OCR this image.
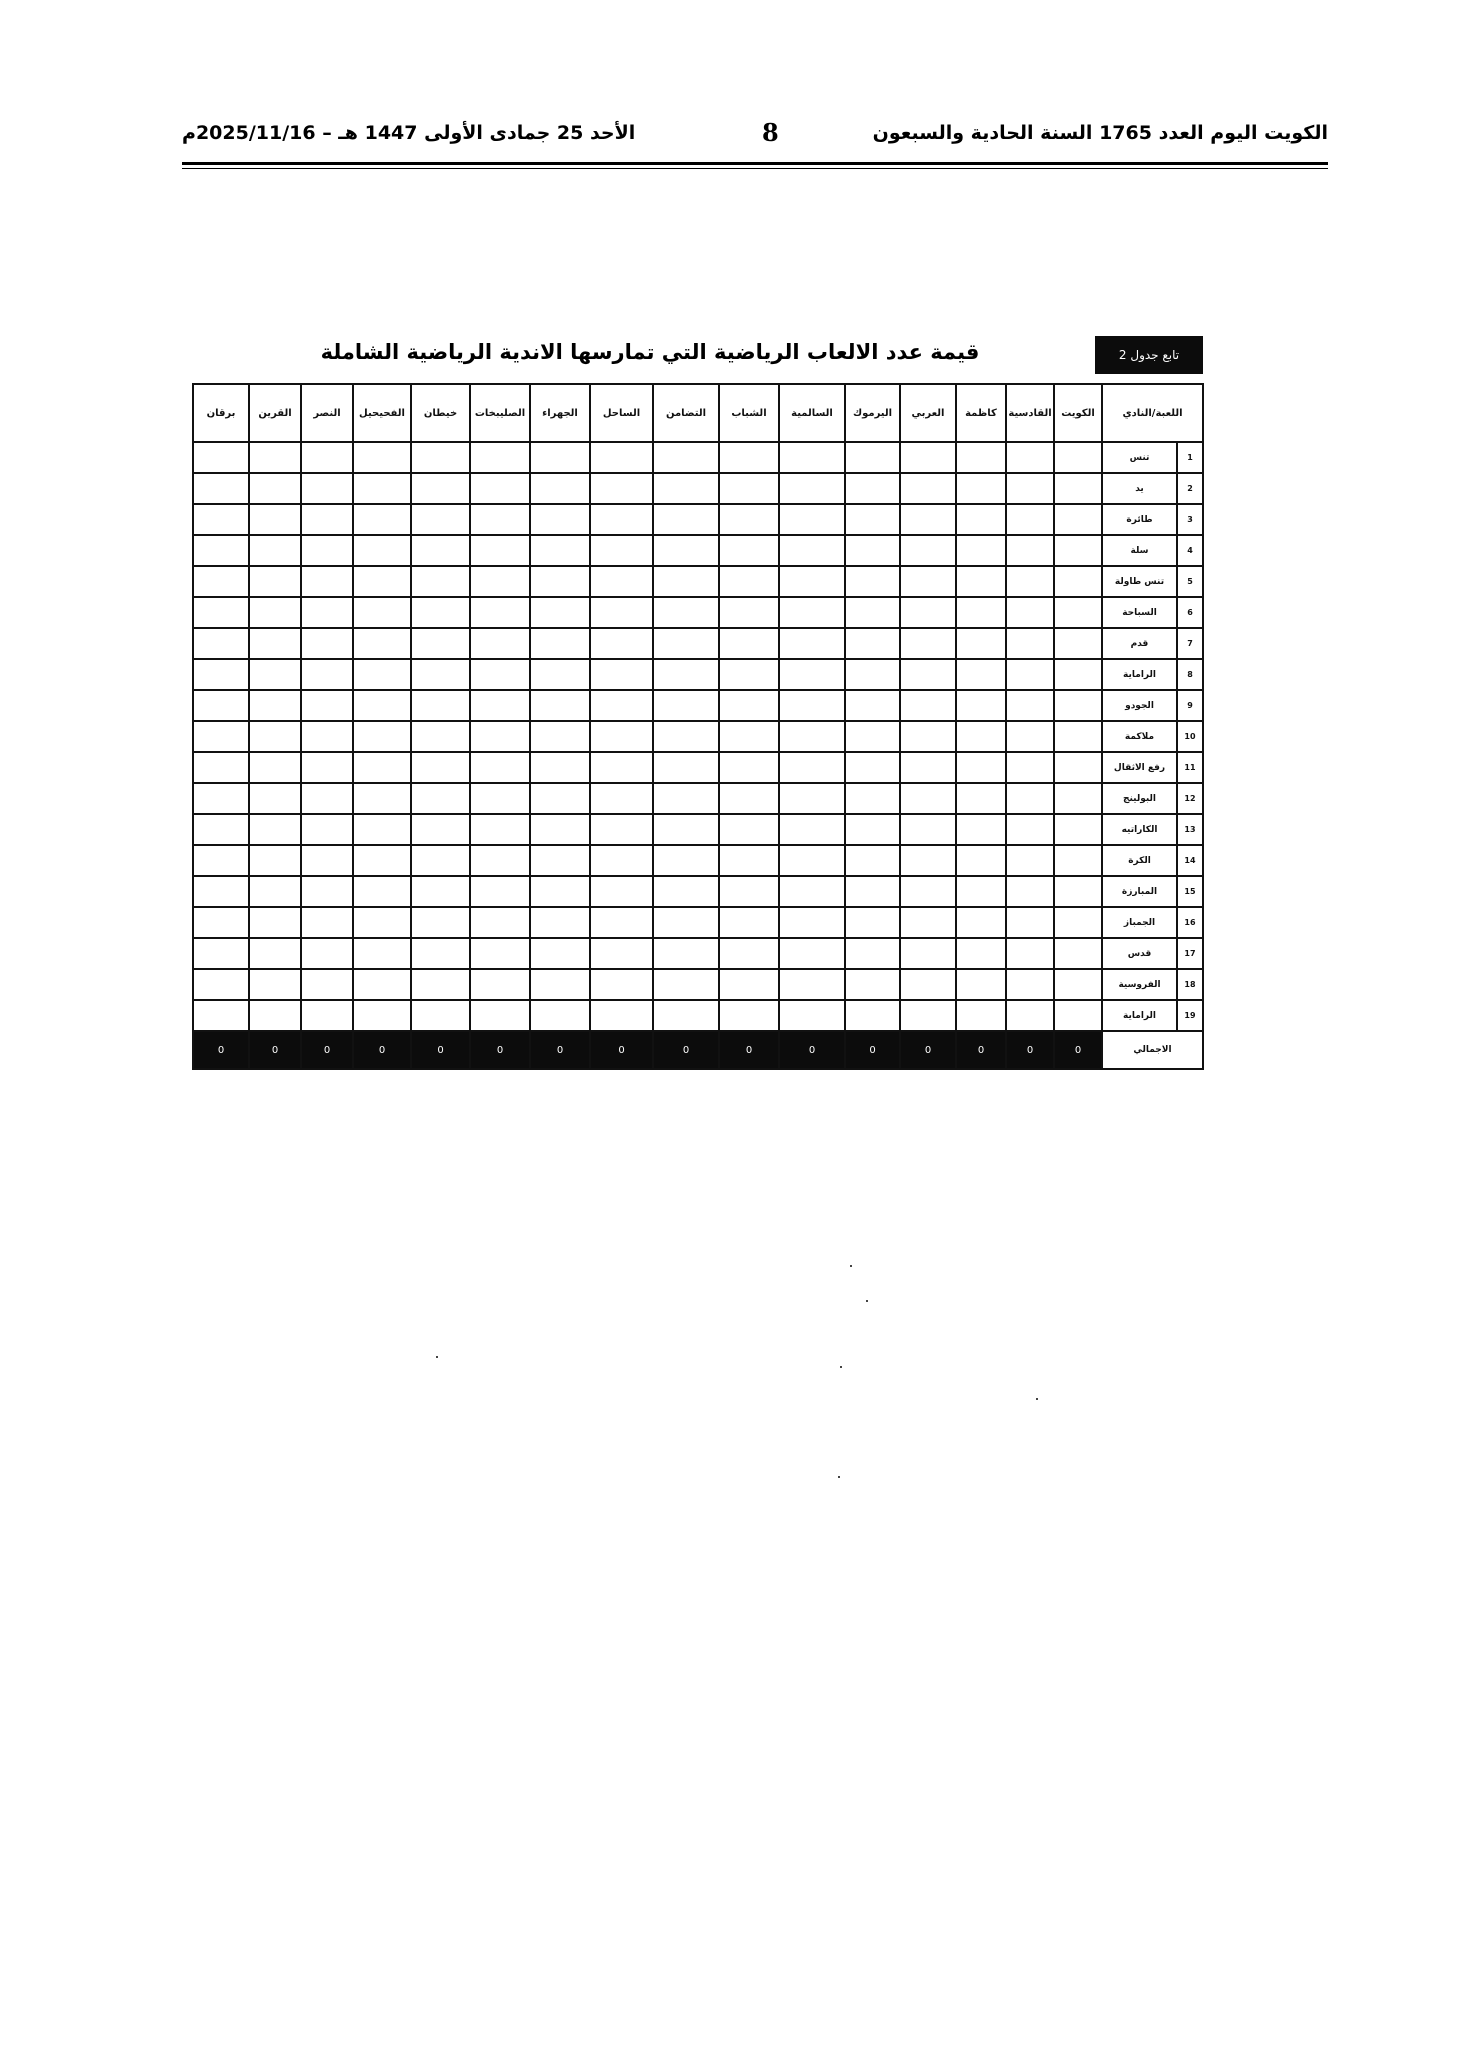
الكويت اليوم العدد 1765 السنة الحادية والسبعون
8
الأحد 25 جمادى الأولى 1447 هـ – 2025/11/16م
تابع جدول 2
قيمة عدد الالعاب الرياضية التي تمارسها الاندية الرياضية الشاملة
اللعبة/النادي		الكويت	القادسية	كاظمة	العربي	اليرموك	السالمية	الشباب	التضامن	الساحل	الجهراء	الصليبخات	خيطان	الفحيحيل	النصر	القرين	برقان
1	تنس																
2	يد																
3	طائرة																
4	سلة																
5	تنس طاولة																
6	السباحة																
7	قدم																
8	الراماية																
9	الجودو																
10	ملاكمة																
11	رفع الاثقال																
12	البولينج																
13	الكاراتيه																
14	الكرة																
15	المبارزة																
16	الجمباز																
17	قدس																
18	الفروسية																
19	الراماية																
الاجمالي		0	0	0	0	0	0	0	0	0	0	0	0	0	0	0	0
